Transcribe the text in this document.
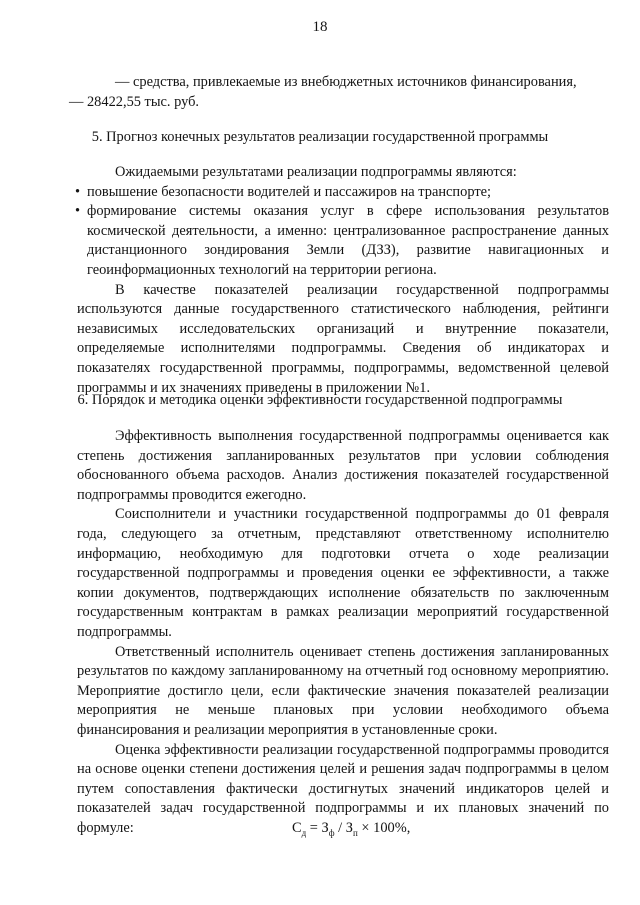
18

— средства, привлекаемые из внебюджетных источников финансирования,

— 28422,55 тыс. руб.

5. Прогноз конечных результатов реализации государственной программы

Ожидаемыми результатами реализации подпрограммы являются:

• повышение безопасности водителей и пассажиров на транспорте;

• формирование системы оказания услуг в сфере использования результатов космической деятельности, а именно: централизованное распространение данных дистанционного зондирования Земли (ДЗЗ), развитие навигационных и геоинформационных технологий на территории региона.

В качестве показателей реализации государственной подпрограммы используются данные государственного статистического наблюдения, рейтинги независимых исследовательских организаций и внутренние показатели, определяемые исполнителями подпрограммы. Сведения об индикаторах и показателях государственной программы, подпрограммы, ведомственной целевой программы и их значениях приведены в приложении №1.

6. Порядок и методика оценки эффективности государственной подпрограммы

Эффективность выполнения государственной подпрограммы оценивается как степень достижения запланированных результатов при условии соблюдения обоснованного объема расходов. Анализ достижения показателей государственной подпрограммы проводится ежегодно.

Соисполнители и участники государственной подпрограммы до 01 февраля года, следующего за отчетным, представляют ответственному исполнителю информацию, необходимую для подготовки отчета о ходе реализации государственной подпрограммы и проведения оценки ее эффективности, а также копии документов, подтверждающих исполнение обязательств по заключенным государственным контрактам в рамках реализации мероприятий государственной подпрограммы.

Ответственный исполнитель оценивает степень достижения запланированных результатов по каждому запланированному на отчетный год основному мероприятию. Мероприятие достигло цели, если фактические значения показателей реализации мероприятия не меньше плановых при условии необходимого объема финансирования и реализации мероприятия в установленные сроки.

Оценка эффективности реализации государственной подпрограммы проводится на основе оценки степени достижения целей и решения задач подпрограммы в целом путем сопоставления фактически достигнутых значений индикаторов целей и показателей задач государственной подпрограммы и их плановых значений по формуле:	$С_д = З_ф / З_п \times 100\%$,
